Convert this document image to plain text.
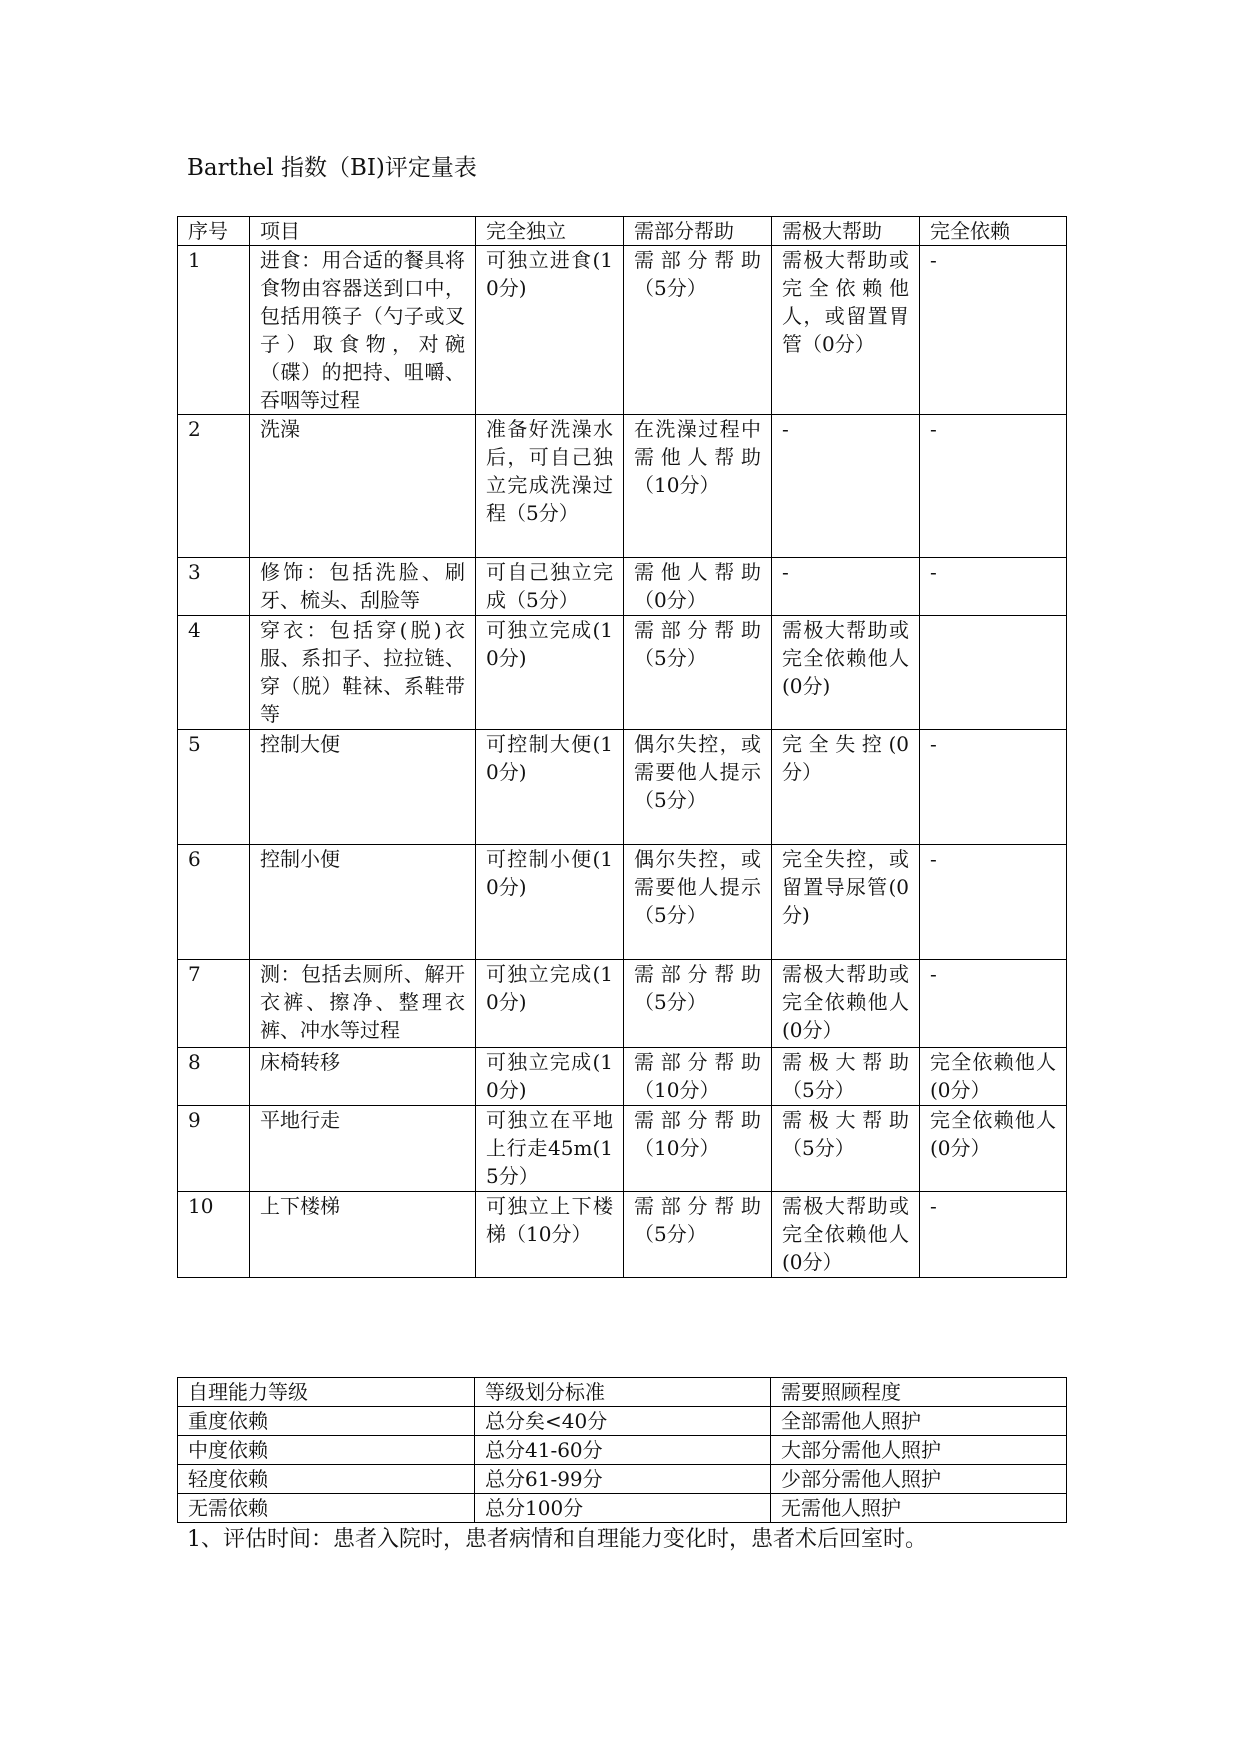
Barthel 指数（BI)评定量表
序号	项目	完全独立	需部分帮助	需极大帮助	完全依赖
1	进食：用合适的餐具将食物由容器送到口中，包括用筷子（勺子或叉子）取食物，对碗（碟）的把持、咀嚼、吞咽等过程	可独立进食(10分)	需部分帮助（5分）	需极大帮助或完全依赖他人，或留置胃管（0分）	-
2	洗澡	准备好洗澡水后，可自己独立完成洗澡过程（5分）	在洗澡过程中需他人帮助（10分）	-	-
3	修饰：包括洗脸、刷牙、梳头、刮脸等	可自己独立完成（5分）	需他人帮助（0分）	-	-
4	穿衣：包括穿(脱)衣服、系扣子、拉拉链、穿（脱）鞋袜、系鞋带等	可独立完成(10分)	需部分帮助（5分）	需极大帮助或完全依赖他人(0分)	
5	控制大便	可控制大便(10分)	偶尔失控，或需要他人提示（5分）	完全失控(0分）	-
6	控制小便	可控制小便(10分)	偶尔失控，或需要他人提示（5分）	完全失控，或留置导尿管(0分)	-
7	测：包括去厕所、解开衣裤、擦净、整理衣裤、冲水等过程	可独立完成(10分)	需部分帮助（5分）	需极大帮助或完全依赖他人(0分）	-
8	床椅转移	可独立完成(10分)	需部分帮助（10分）	需极大帮助（5分）	完全依赖他人(0分）
9	平地行走	可独立在平地上行走45m(15分）	需部分帮助（10分）	需极大帮助（5分）	完全依赖他人(0分）
10	上下楼梯	可独立上下楼梯（10分）	需部分帮助（5分）	需极大帮助或完全依赖他人(0分）	-
自理能力等级	等级划分标准	需要照顾程度
重度依赖	总分矣<40分	全部需他人照护
中度依赖	总分41-60分	大部分需他人照护
轻度依赖	总分61-99分	少部分需他人照护
无需依赖	总分100分	无需他人照护
1、评估时间：患者入院时，患者病情和自理能力变化时，患者术后回室时。
